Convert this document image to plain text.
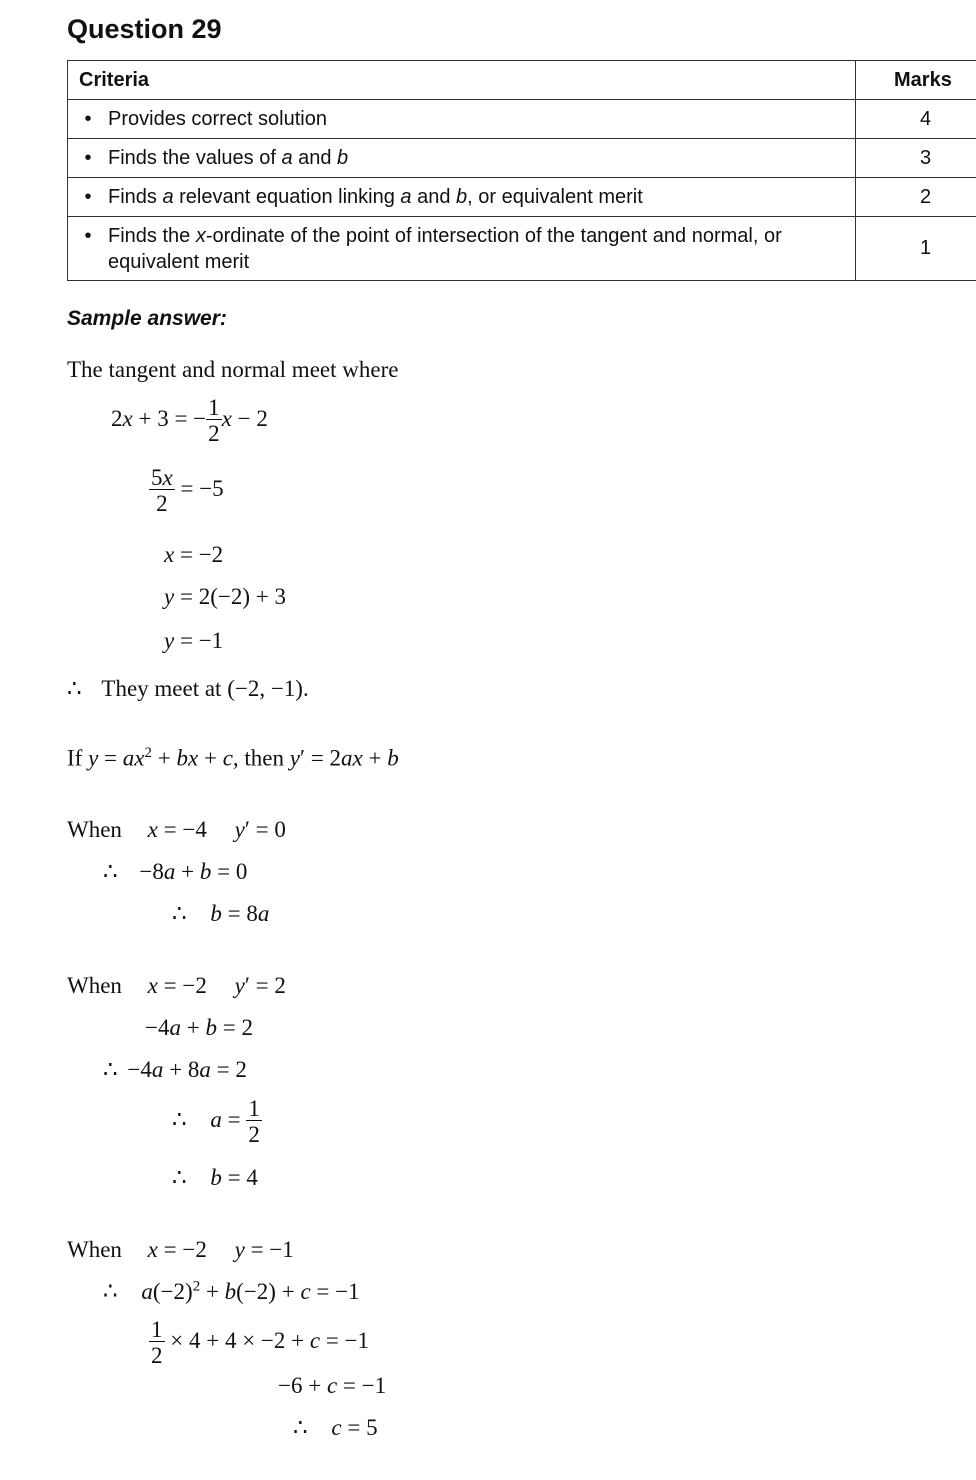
Question 29
Criteria	Marks

• Provides correct solution	4

• Finds the values of a and b	3

• Finds a relevant equation linking a and b, or equivalent merit	2

• Finds the x-ordinate of the point of intersection of the tangent and normal, or equivalent merit	1
Sample answer:
The tangent and normal meet where
2x + 3 = − $\frac{1}{2}$ x − 2
$\frac{5x}{2} = -5$
x = −2
y = 2(−2) + 3
y = −1
∴ They meet at (−2, −1).
If $y = ax^2$ + bx + c, then y′ = 2ax + b
When x = −4 y′ = 0
∴ −8a + b = 0
∴ b = 8a
When x = −2 y′ = 2
−4a + b = 2
∴ −4a + 8a = 2
∴ $a = \frac{1}{2}$
∴ b = 4
When x = −2 y = −1
∴ $a(-2)^2 + b(-2) + c = -1$
$\frac{1}{2} \times 4 + 4 \times -2 + c = -1$
−6 + c = −1
∴ c = 5
